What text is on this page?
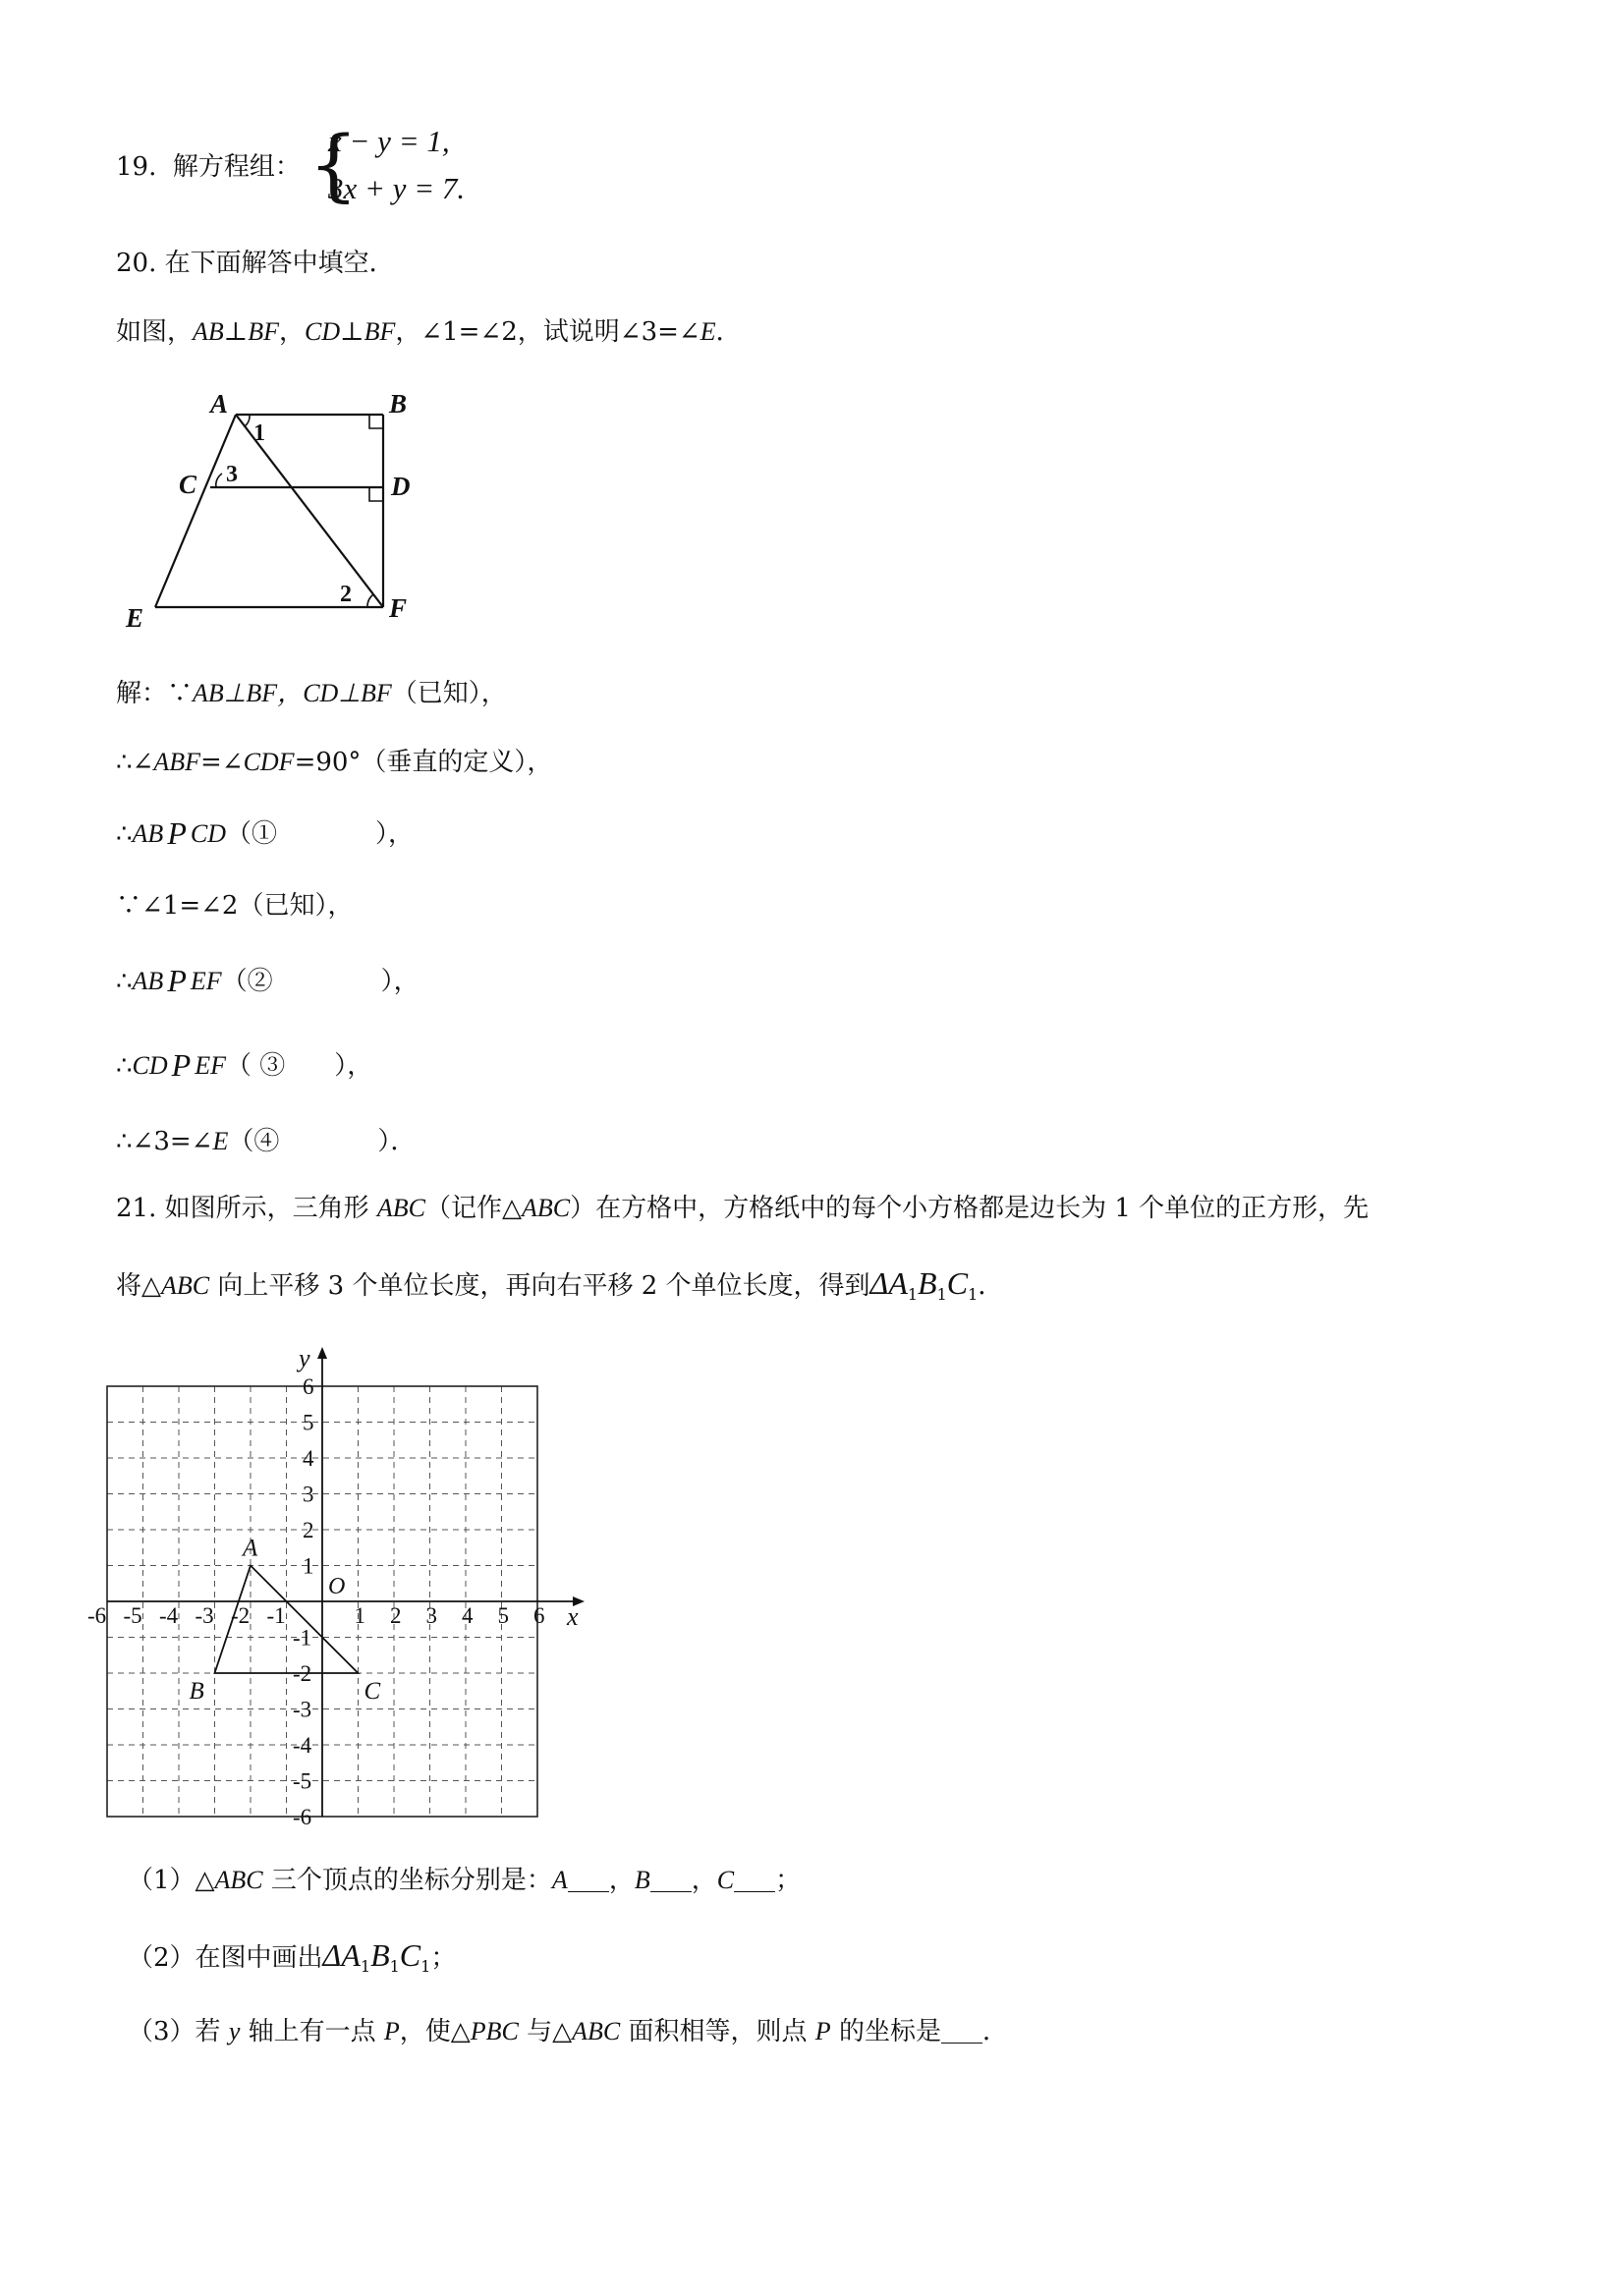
19. 解方程组： {
x − y = 1,
3x + y = 7.
20. 在下面解答中填空．
如图，AB⊥BF，CD⊥BF，∠1=∠2，试说明∠3=∠E．
A	B
C	D
E	F
1
3
2
解：∵AB⊥BF，CD⊥BF（已知），
∴∠ABF=∠CDF=90°（垂直的定义），
∴AB P CD（①	），
∵∠1=∠2（已知），
∴AB P EF（②	），
∴CD P EF（ ③ ），
∴∠3=∠E（④	）．
21. 如图所示，三角形 ABC（记作△ABC）在方格中，方格纸中的每个小方格都是边长为 1 个单位的正方形，先
将△ABC 向上平移 3 个单位长度，再向右平移 2 个单位长度，得到$\Delta A_1B_1C_1$．
x
y
O
-6 -5 -4 -3 -2 -1	1 2 3 4 5 6
6
5
4
3
2
1
-1
-2
-3
-4
-5
-6
A
B	C
（1）△ABC 三个顶点的坐标分别是：A ，B ，C ；
（2）在图中画出$\Delta A_1B_1C_1$；
（3）若 y 轴上有一点 P，使△PBC 与△ABC 面积相等，则点 P 的坐标是 ．
